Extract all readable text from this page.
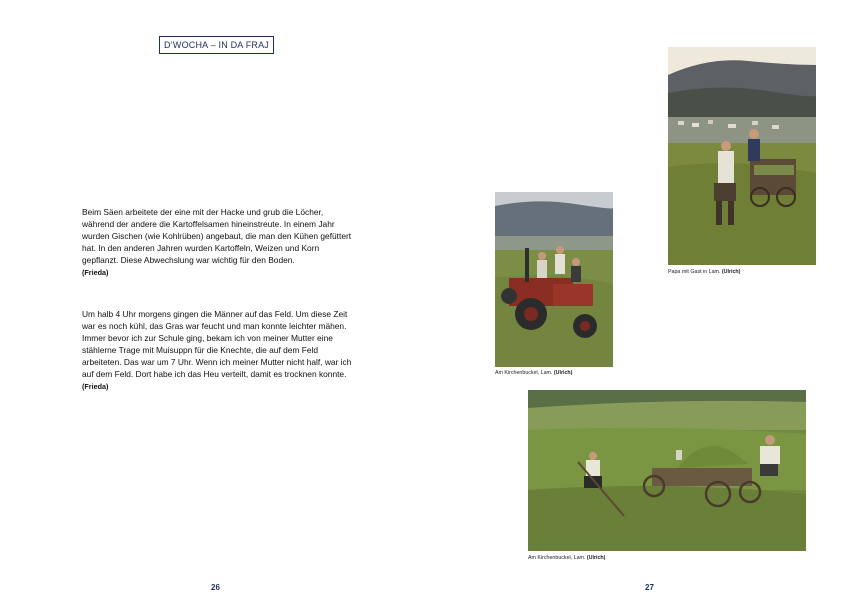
D’WOCHA – IN DA FRAJ

Beim Säen arbeitete der eine mit der Hacke und grub die Löcher, während der andere die Kartoffelsamen hineinstreute. In einem Jahr wurden Gischen (wie Kohlrüben) angebaut, die man den Kühen gefüttert hat. In den anderen Jahren wurden Kartoffeln, Weizen und Korn gepflanzt. Diese Abwechslung war wichtig für den Boden.

(Frieda)

Um halb 4 Uhr morgens gingen die Männer auf das Feld. Um diese Zeit war es noch kühl, das Gras war feucht und man konnte leichter mähen. Immer bevor ich zur Schule ging, bekam ich von meiner Mutter eine stählerne Trage mit Muisuppn für die Knechte, die auf dem Feld arbeiteten. Das war um 7 Uhr. Wenn ich meiner Mutter nicht half, war ich auf dem Feld. Dort habe ich das Heu verteilt, damit es trocknen konnte.

(Frieda)

Papa mit Gast in Lam. (Ulrich)
Am Kirchenbuckel, Lam. (Ulrich)
Am Kirchenbuckel, Lam. (Ulrich)
26	27
